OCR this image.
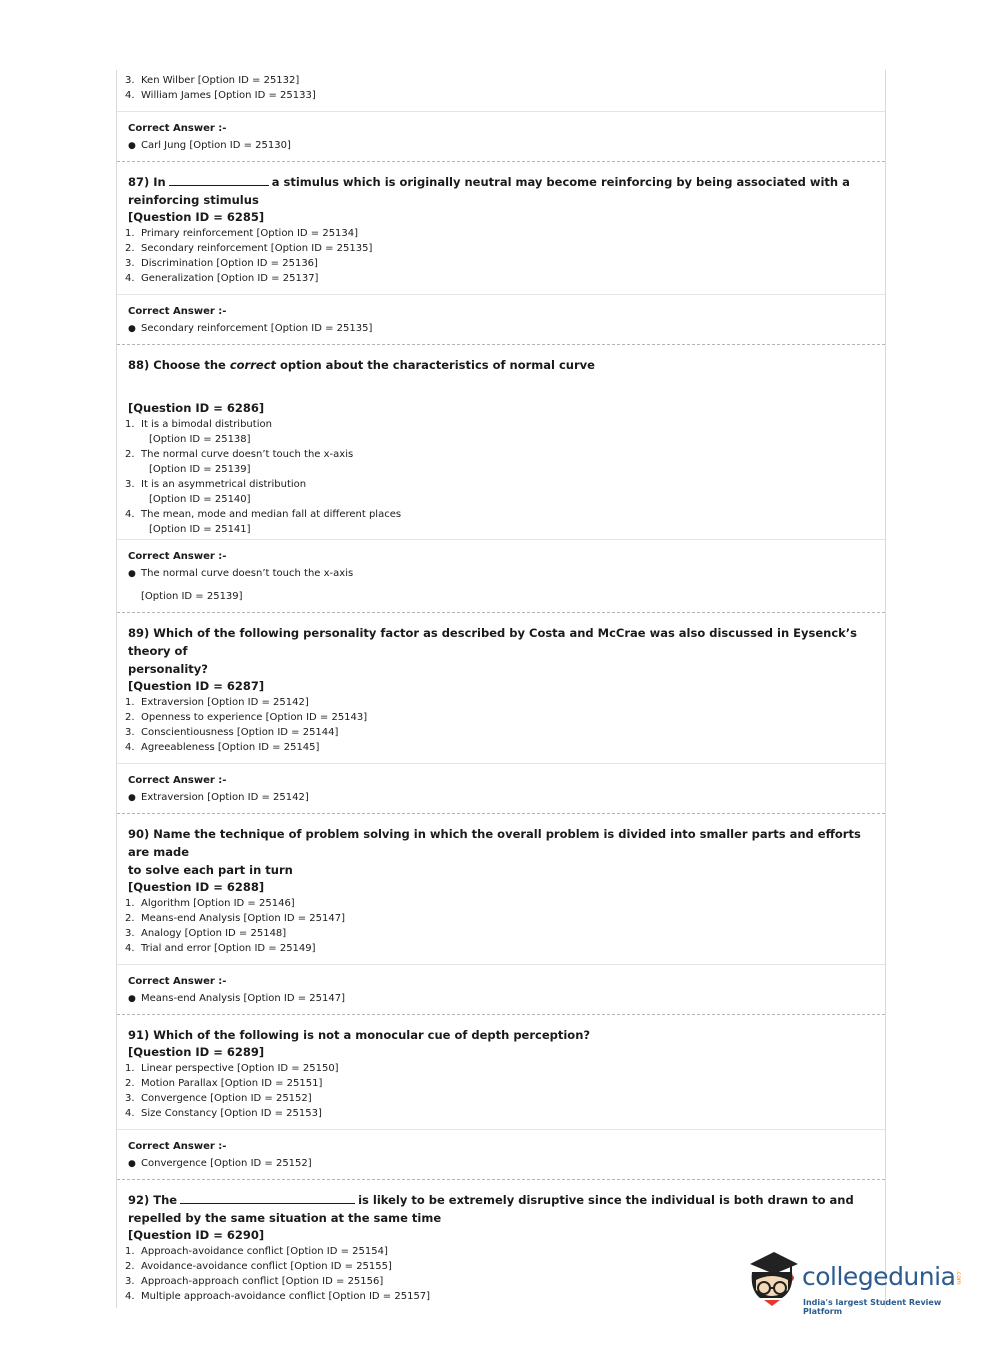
3. Ken Wilber [Option ID = 25132]
4. William James [Option ID = 25133]
Correct Answer :-
● Carl Jung [Option ID = 25130]
87) In	a stimulus which is originally neutral may become reinforcing by being associated with a
reinforcing stimulus
[Question ID = 6285]
1. Primary reinforcement [Option ID = 25134]
2. Secondary reinforcement [Option ID = 25135]
3. Discrimination [Option ID = 25136]
4. Generalization [Option ID = 25137]
Correct Answer :-
● Secondary reinforcement [Option ID = 25135]
88) Choose the correct option about the characteristics of normal curve
[Question ID = 6286]
1. It is a bimodal distribution
[Option ID = 25138]
2. The normal curve doesn’t touch the x-axis
[Option ID = 25139]
3. It is an asymmetrical distribution
[Option ID = 25140]
4. The mean, mode and median fall at different places
[Option ID = 25141]
Correct Answer :-
● The normal curve doesn’t touch the x-axis
[Option ID = 25139]
89) Which of the following personality factor as described by Costa and McCrae was also discussed in Eysenck’s theory of
personality?
[Question ID = 6287]
1. Extraversion [Option ID = 25142]
2. Openness to experience [Option ID = 25143]
3. Conscientiousness [Option ID = 25144]
4. Agreeableness [Option ID = 25145]
Correct Answer :-
● Extraversion [Option ID = 25142]
90) Name the technique of problem solving in which the overall problem is divided into smaller parts and efforts are made
to solve each part in turn
[Question ID = 6288]
1. Algorithm [Option ID = 25146]
2. Means-end Analysis [Option ID = 25147]
3. Analogy [Option ID = 25148]
4. Trial and error [Option ID = 25149]
Correct Answer :-
● Means-end Analysis [Option ID = 25147]
91) Which of the following is not a monocular cue of depth perception?
[Question ID = 6289]
1. Linear perspective [Option ID = 25150]
2. Motion Parallax [Option ID = 25151]
3. Convergence [Option ID = 25152]
4. Size Constancy [Option ID = 25153]
Correct Answer :-
● Convergence [Option ID = 25152]
92) The	is likely to be extremely disruptive since the individual is both drawn to and
repelled by the same situation at the same time
[Question ID = 6290]
1. Approach-avoidance conflict [Option ID = 25154]
2. Avoidance-avoidance conflict [Option ID = 25155]
3. Approach-approach conflict [Option ID = 25156]
4. Multiple approach-avoidance conflict [Option ID = 25157]
collegedunia .com
India's largest Student Review Platform
